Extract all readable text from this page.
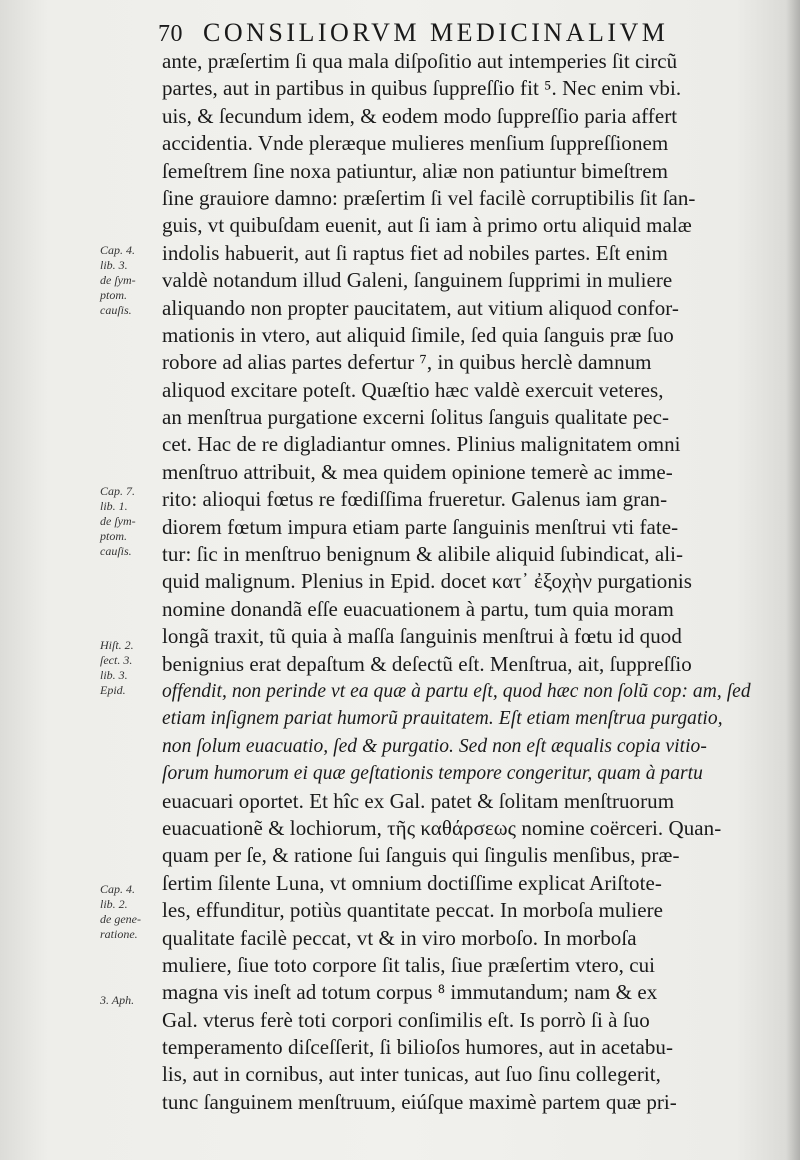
70 CONSILIORVM MEDICINALIVM
ante, præſertim ſi qua mala diſpoſitio aut intemperies ſit circũ
partes, aut in partibus in quibus ſuppreſſio fit ⁵. Nec enim vbi.
uis, & ſecundum idem, & eodem modo ſuppreſſio paria affert
accidentia. Vnde pleræque mulieres menſium ſuppreſſionem
ſemeſtrem ſine noxa patiuntur, aliæ non patiuntur bimeſtrem
ſine grauiore damno: præſertim ſi vel facilè corruptibilis ſit ſan-
guis, vt quibuſdam euenit, aut ſi iam à primo ortu aliquid malæ
indolis habuerit, aut ſi raptus fiet ad nobiles partes. Eſt enim
valdè notandum illud Galeni, ſanguinem ſupprimi in muliere
aliquando non propter paucitatem, aut vitium aliquod confor-
mationis in vtero, aut aliquid ſimile, ſed quia ſanguis præ ſuo
robore ad alias partes defertur ⁷, in quibus herclè damnum
aliquod excitare poteſt. Quæſtio hæc valdè exercuit veteres,
an menſtrua purgatione excerni ſolitus ſanguis qualitate pec-
cet. Hac de re digladiantur omnes. Plinius malignitatem omni
menſtruo attribuit, & mea quidem opinione temerè ac imme-
rito: alioqui fœtus re fœdiſſima frueretur. Galenus iam gran-
diorem fœtum impura etiam parte ſanguinis menſtrui vti fate-
tur: ſic in menſtruo benignum & alibile aliquid ſubindicat, ali-
quid malignum. Plenius in Epid. docet κατ᾽ ἐξοχὴν purgationis
nomine donandã eſſe euacuationem à partu, tum quia moram
longã traxit, tũ quia à maſſa ſanguinis menſtrui à fœtu id quod
benignius erat depaſtum & deſectũ eſt. Menſtrua, ait, ſuppreſſio
offendit, non perinde vt ea quæ à partu eſt, quod hæc non ſolũ cop: am, ſed
etiam inſignem pariat humorũ prauitatem. Eſt etiam menſtrua purgatio,
non ſolum euacuatio, ſed & purgatio. Sed non eſt æqualis copia vitio-
ſorum humorum ei quæ geſtationis tempore congeritur, quam à partu
euacuari oportet. Et hîc ex Gal. patet & ſolitam menſtruorum
euacuationẽ & lochiorum, τῆς καθάρσεως nomine coërceri. Quan-
quam per ſe, & ratione ſui ſanguis qui ſingulis menſibus, præ-
ſertim ſilente Luna, vt omnium doctiſſime explicat Ariſtote-
les, effunditur, potiùs quantitate peccat. In morboſa muliere
qualitate facilè peccat, vt & in viro morboſo. In morboſa
muliere, ſiue toto corpore ſit talis, ſiue præſertim vtero, cui
magna vis ineſt ad totum corpus ⁸ immutandum; nam & ex
Gal. vterus ferè toti corpori conſimilis eſt. Is porrò ſi à ſuo
temperamento diſceſſerit, ſi bilioſos humores, aut in acetabu-
lis, aut in cornibus, aut inter tunicas, aut ſuo ſinu collegerit,
tunc ſanguinem menſtruum, eiúſque maximè partem quæ pri-
Cap. 4.
lib. 3.
de ſym-
ptom.
cauſis.
Cap. 7.
lib. 1.
de ſym-
ptom.
cauſis.
Hiſt. 2.
ſect. 3.
lib. 3.
Epid.
Cap. 4.
lib. 2.
de gene-
ratione.
3. Aph.
